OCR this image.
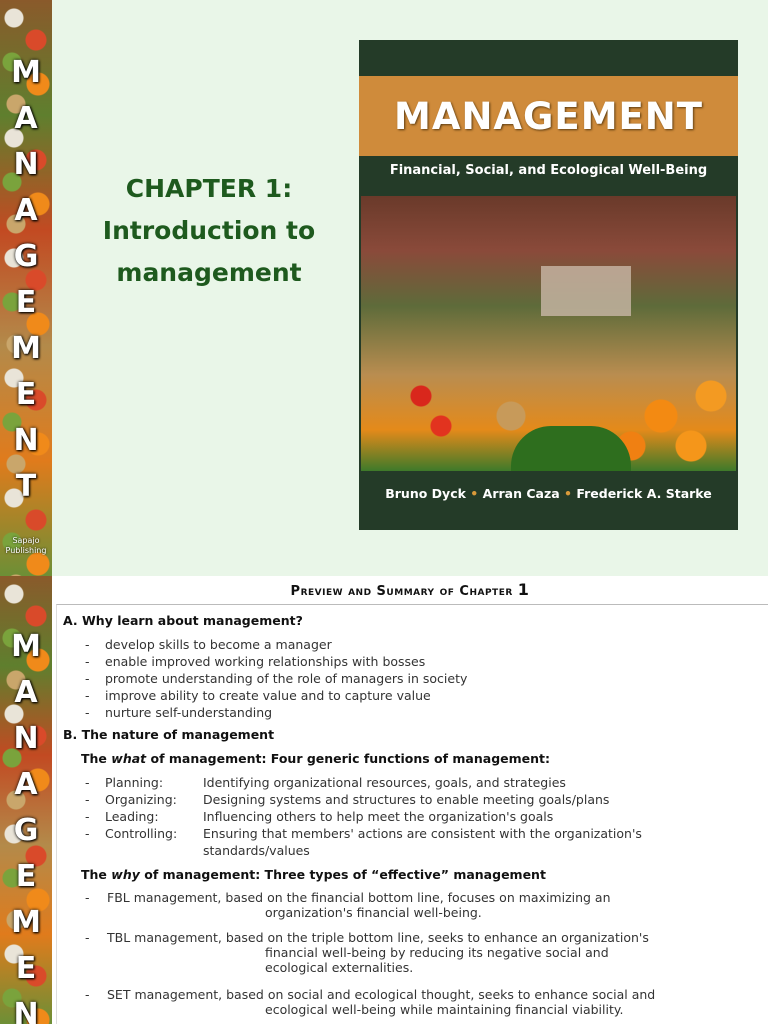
M
A
N
A
G
E
M
E
N
T
Sapajo Publishing
M
A
N
A
G
E
M
E
N
CHAPTER 1:
Introduction to
management
MANAGEMENT
Financial, Social, and Ecological Well-Being
Bruno Dyck • Arran Caza • Frederick A. Starke
Preview and Summary of Chapter 1
A. Why learn about management?
- develop skills to become a manager
- enable improved working relationships with bosses
- promote understanding of the role of managers in society
- improve ability to create value and to capture value
- nurture self-understanding
B. The nature of management
The what of management: Four generic functions of management:
- Planning:	Identifying organizational resources, goals, and strategies
- Organizing: Designing systems and structures to enable meeting goals/plans
- Leading:	Influencing others to help meet the organization's goals
- Controlling: Ensuring that members' actions are consistent with the organization's
standards/values
The why of management: Three types of “effective” management
- FBL management, based on the financial bottom line, focuses on maximizing an
organization's financial well-being.
- TBL management, based on the triple bottom line, seeks to enhance an organization's
financial well-being by reducing its negative social and
ecological externalities.
- SET management, based on social and ecological thought, seeks to enhance social and
ecological well-being while maintaining financial viability.
